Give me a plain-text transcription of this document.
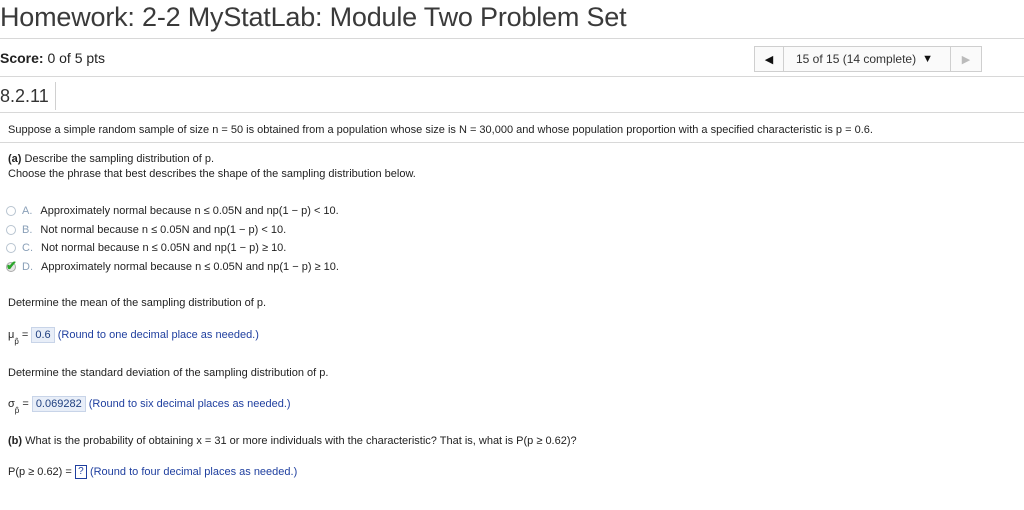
Homework: 2-2 MyStatLab: Module Two Problem Set
Score: 0 of 5 pts	◀ 15 of 15 (14 complete) ▼	▶
8.2.11
Suppose a simple random sample of size n = 50 is obtained from a population whose size is N = 30,000 and whose population proportion with a specified characteristic is p = 0.6.
(a) Describe the sampling distribution of p.
Choose the phrase that best describes the shape of the sampling distribution below.
A. Approximately normal because n ≤ 0.05N and np(1 − p) < 10.
B. Not normal because n ≤ 0.05N and np(1 − p) < 10.
C. Not normal because n ≤ 0.05N and np(1 − p) ≥ 10.
✔ D. Approximately normal because n ≤ 0.05N and np(1 − p) ≥ 10.
Determine the mean of the sampling distribution of p.
$\mu_{p̂} = 0.6$ (Round to one decimal place as needed.)
Determine the standard deviation of the sampling distribution of p.
$\sigma_{p̂} = 0.069282$ (Round to six decimal places as needed.)
(b) What is the probability of obtaining x = 31 or more individuals with the characteristic? That is, what is P(p ≥ 0.62)?
P(p ≥ 0.62) = ? (Round to four decimal places as needed.)
